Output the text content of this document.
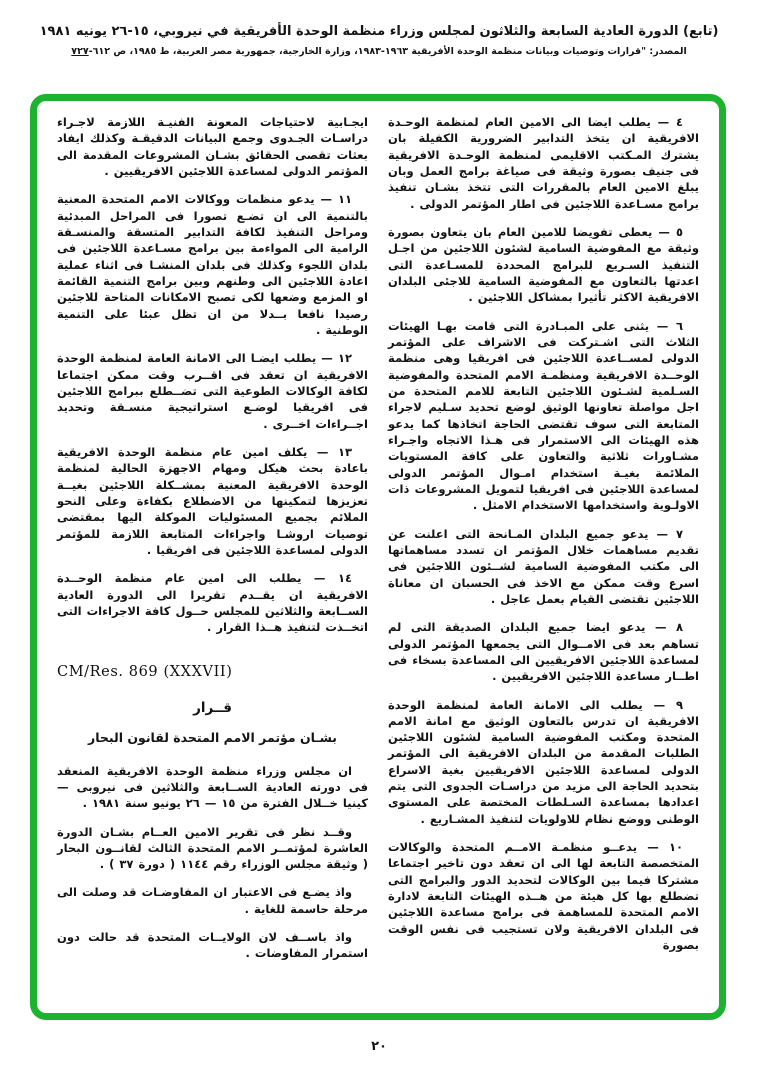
(تابع) الدورة العادية السابعة والثلاثون لمجلس وزراء منظمة الوحدة الأفريقية في نيروبي، ١٥-٢٦ يونيه ١٩٨١
المصدر: "قرارات وتوصيات وبيانات منظمة الوحدة الأفريقية ١٩٦٣-١٩٨٣، وزارة الخارجية، جمهورية مصر العربية، ط ١٩٨٥، ص ٦١٢-٧٢٧

٤ — يطلب ايضا الى الامين العام لمنظمة الوحـدة الافريقية ان يتخذ التدابير الضرورية الكفيلة بان يشترك المـكتب الاقليمى لمنظمة الوحـدة الافريقية فى جنيف بصورة وثيقة فى صياغة برامج العمل وبان يبلغ الامين العام بالمقررات التى تتخذ بشـان تنفيذ برامج مسـاعدة اللاجئين فى اطار المؤتمر الدولى .

٥ — يعطى تفويضا للامين العام بان يتعاون بصورة وثيقة مع المفوضية السامية لشئون اللاجئين من اجـل التنفيذ السـريع للبرامج المحددة للمسـاعدة التى اعدتها بالتعاون مع المفوضية السامية للاجئى البلدان الافريقية الاكثر تأثيرا بمشاكل اللاجئين .

٦ — يثنى على المبـادرة التى قامت بهـا الهيئات الثلاث التى اشـتركت فى الاشراف على المؤتمر الدولى لمســاعدة اللاجئين فى افريقيا وهى منظمة الوحــدة الافريقية ومنظمـة الامم المتحدة والمفوضية السـلمية لشـئون اللاجئين التابعة للامم المتحدة من اجل مواصلة تعاونها الوثيق لوضع تحديد سـليم لاجراء المتابعة التى سوف تقتضى الحاجة اتخاذها كما يدعو هذه الهيئات الى الاستمرار فى هـذا الاتجاه واجـراء مشـاورات ثلاثية والتعاون على كافة المستويات الملائمة بغيـة استخدام امـوال المؤتمر الدولى لمساعدة اللاجئين فى افريقيا لتمويل المشروعات ذات الاولـوية واستخدامها الاستخدام الامثل .

٧ — يدعو جميع البلدان المـانحة التى اعلنت عن تقديم مساهمات خلال المؤتمر ان تسدد مساهماتها الى مكتب المفوضية السامية لشــئون اللاجئين فى اسرع وقت ممكن مع الاخذ فى الحسبان ان معاناة اللاجئين تقتضى القيام بعمل عاجل .

٨ — يدعو ايضا جميع البلدان الصديقة التى لم تساهم بعد فى الامــوال التى يجمعها المؤتمر الدولى لمساعدة اللاجئين الافريقيين الى المساعدة بسخاء فى اطــار مساعدة اللاجئين الافريقيين .

٩ — يطلب الى الامانة العامة لمنظمة الوحدة الافريقية ان تدرس بالتعاون الوثيق مع امانة الامم المتحدة ومكتب المفوضية السامية لشئون اللاجئين الطلبات المقدمة من البلدان الافريقية الى المؤتمر الدولى لمساعدة اللاجئين الافريقيين بغية الاسراع بتحديد الحاجة الى مزيد من دراسـات الجدوى التى يتم اعدادها بمساعدة السـلطات المختصة على المستوى الوطنى ووضع نظام للاولويات لتنفيذ المشـاريع .

١٠ — يدعــو منظمـة الامــم المتحدة والوكالات المتخصصة التابعة لها الى ان تعقد دون تاخير اجتماعا مشتركا فيما بين الوكالات لتحديد الدور والبرامج التى تضطلع بها كل هيئة من هــذه الهيئات التابعة لادارة الامم المتحدة للمساهمة فى برامج مساعدة اللاجئين فى البلدان الافريقية ولان تستجيب فى نفس الوقت بصورة

ايجـابية لاحتياجات المعونة الفنيـة اللازمة لاجـراء دراسـات الجـدوى وجمع البيانات الدقيقـة وكذلك ايفاد بعثات تقصى الحقائق بشـان المشروعات المقدمة الى المؤتمر الدولى لمساعدة اللاجئين الافريقيين .

١١ — يدعو منظمات ووكالات الامم المتحدة المعنية بالتنمية الى ان تضـع تصورا فى المراحل المبدئية ومراحل التنفيذ لكافة التدابير المتسقة والمنسـقة الرامية الى المواءمة بين برامج مسـاعدة اللاجئين فى بلدان اللجوء وكذلك فى بلدان المنشـا فى اثناء عملية اعادة اللاجئين الى وطنهم وبين برامج التنمية القائمة او المزمع وضعها لكى تصبح الامكانات المتاحة للاجئين رصيدا نافعا بــدلا من ان تظل عبئا على التنمية الوطنية .

١٢ — يطلب ايضـا الى الامانة العامة لمنظمة الوحدة الافريقية ان تعقد فى اقــرب وقت ممكن اجتماعا لكافة الوكالات الطوعية التى تضــطلع ببرامج اللاجئين فى افريقيا لوضـع استراتيجية منسـقة وتحديد اجــراءات اخــرى .

١٣ — يكلف امين عام منظمة الوحدة الافريقية باعادة بحث هيكل ومهام الاجهزة الحالية لمنظمة الوحدة الافريقية المعنية بمشــكلة اللاجئين بغيــة تعزيزها لتمكينها من الاضطلاع بكفاءة وعلى النحو الملائم بجميع المسئوليات الموكلة اليها بمقتضى توصيات اروشـا واجراءات المتابعة اللازمة للمؤتمر الدولى لمساعدة اللاجئين فى افريقيا .

١٤ — يطلب الى امين عام منظمة الوحــدة الافريقية ان يقــدم تقريرا الى الدورة العادية الســابعة والثلاثين للمجلس حــول كافة الاجراءات التى اتخــذت لتنفيذ هــذا القرار .

CM/Res. 869 (XXXVII)
قــرار
بشـان مؤتمر الامم المتحدة لقانون البحار

ان مجلس وزراء منظمة الوحدة الافريقية المنعقد فى دورته العادية الســابعة والثلاثين فى نيروبى — كينيا خــلال الفترة من ١٥ — ٢٦ يونيو سنة ١٩٨١ .

وقــد نظر فى تقرير الامين العــام بشـان الدورة العاشرة لمؤتمــر الامم المتحدة الثالث لقانــون البحار ( وثيقة مجلس الوزراء رقم ١١٤٤ ( دورة ٣٧ ) .

واذ يضـع فى الاعتبار ان المفاوضـات قد وصلت الى مرحلة حاسمة للغاية .

واذ باســف لان الولايــات المتحدة قد حالت دون استمرار المفاوضات .

٢٠
